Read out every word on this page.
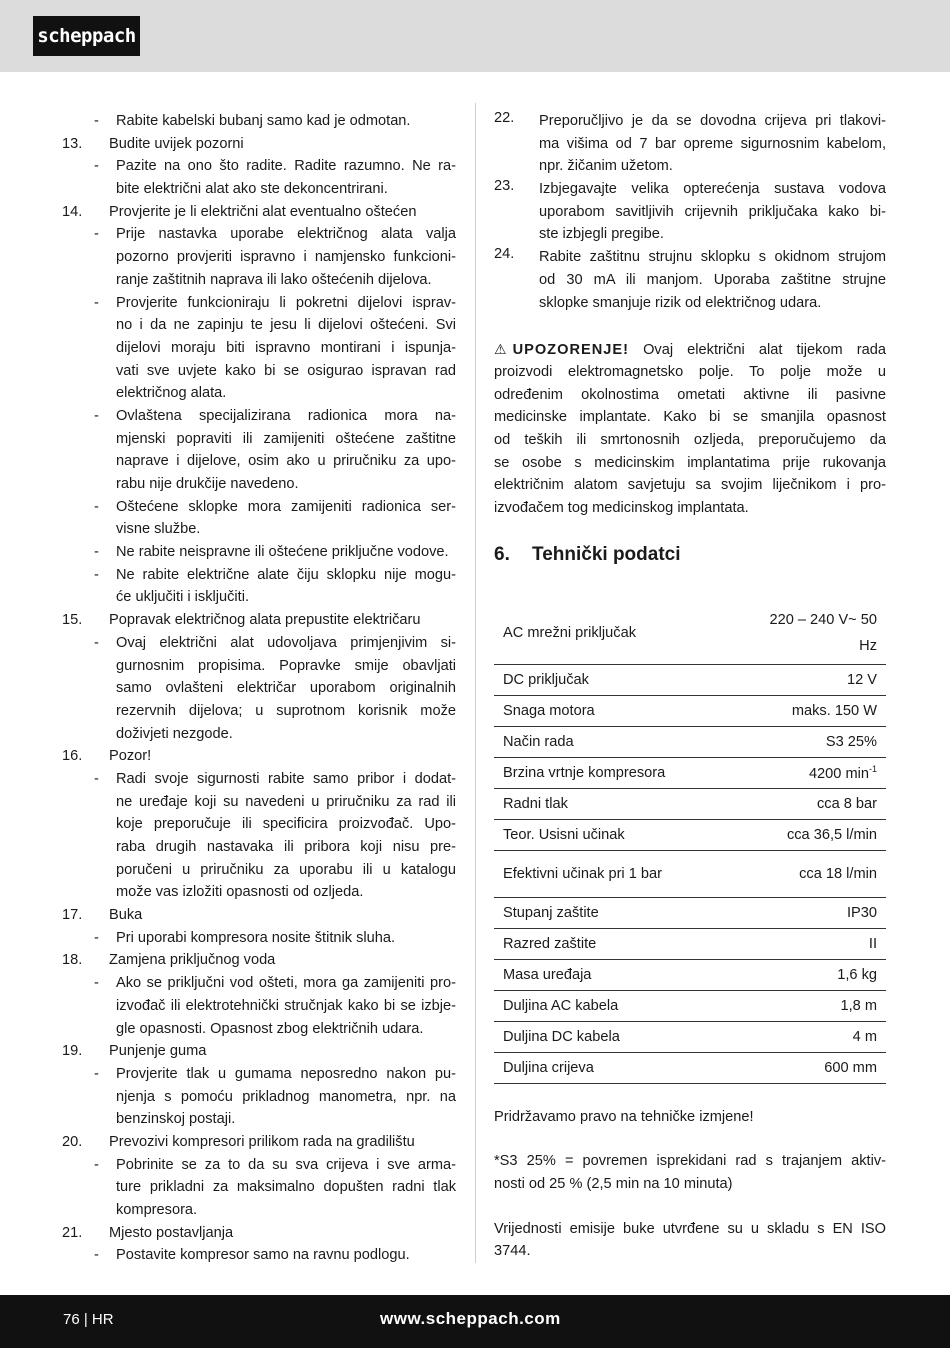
scheppach
-	Rabite kabelski bubanj samo kad je odmotan.
13.	Budite uvijek pozorni
-	Pazite na ono što radite. Radite razumno. Ne ra-
bite električni alat ako ste dekoncentrirani.
14.	Provjerite je li električni alat eventualno oštećen
-	Prije nastavka uporabe električnog alata valja
pozorno provjeriti ispravno i namjensko funkcioni-
ranje zaštitnih naprava ili lako oštećenih dijelova.
-	Provjerite funkcioniraju li pokretni dijelovi isprav-
no i da ne zapinju te jesu li dijelovi oštećeni. Svi
dijelovi moraju biti ispravno montirani i ispunja-
vati sve uvjete kako bi se osigurao ispravan rad
električnog alata.
-	Ovlaštena specijalizirana radionica mora na-
mjenski popraviti ili zamijeniti oštećene zaštitne
naprave i dijelove, osim ako u priručniku za upo-
rabu nije drukčije navedeno.
-	Oštećene sklopke mora zamijeniti radionica ser-
visne službe.
-	Ne rabite neispravne ili oštećene priključne vodove.
-	Ne rabite električne alate čiju sklopku nije mogu-
će uključiti i isključiti.
15.	Popravak električnog alata prepustite električaru
-	Ovaj električni alat udovoljava primjenjivim si-
gurnosnim propisima. Popravke smije obavljati
samo ovlašteni električar uporabom originalnih
rezervnih dijelova; u suprotnom korisnik može
doživjeti nezgode.
16.	Pozor!
-	Radi svoje sigurnosti rabite samo pribor i dodat-
ne uređaje koji su navedeni u priručniku za rad ili
koje preporučuje ili specificira proizvođač. Upo-
raba drugih nastavaka ili pribora koji nisu pre-
poručeni u priručniku za uporabu ili u katalogu
može vas izložiti opasnosti od ozljeda.
17.	Buka
-	Pri uporabi kompresora nosite štitnik sluha.
18.	Zamjena priključnog voda
-	Ako se priključni vod ošteti, mora ga zamijeniti pro-
izvođač ili elektrotehnički stručnjak kako bi se izbje-
gle opasnosti. Opasnost zbog električnih udara.
19.	Punjenje guma
-	Provjerite tlak u gumama neposredno nakon pu-
njenja s pomoću prikladnog manometra, npr. na
benzinskoj postaji.
20.	Prevozivi kompresori prilikom rada na gradilištu
-	Pobrinite se za to da su sva crijeva i sve arma-
ture prikladni za maksimalno dopušten radni tlak
kompresora.
21.	Mjesto postavljanja
-	Postavite kompresor samo na ravnu podlogu.
22.	Preporučljivo je da se dovodna crijeva pri tlakovi-
ma višima od 7 bar opreme sigurnosnim kabelom,
npr. žičanim užetom.
23.	Izbjegavajte velika opterećenja sustava vodova
uporabom savitljivih crijevnih priključaka kako bi-
ste izbjegli pregibe.
24.	Rabite zaštitnu strujnu sklopku s okidnom strujom
od 30 mA ili manjom. Uporaba zaštitne strujne
sklopke smanjuje rizik od električnog udara.
⚠ UPOZORENJE! Ovaj električni alat tijekom rada
proizvodi elektromagnetsko polje. To polje može u
određenim okolnostima ometati aktivne ili pasivne
medicinske implantate. Kako bi se smanjila opasnost
od teških ili smrtonosnih ozljeda, preporučujemo da
se osobe s medicinskim implantatima prije rukovanja
električnim alatom savjetuju sa svojim liječnikom i pro-
izvođačem tog medicinskog implantata.
6. Tehnički podatci
AC mrežni priključak	220 – 240 V~ 50
Hz

DC priključak	12 V
Snaga motora	maks. 150 W
Način rada	S3 25%
Brzina vrtnje kompresora	4200 $\min^{-1}$
Radni tlak	cca 8 bar
Teor. Usisni učinak	cca 36,5 l/min
Efektivni učinak pri 1 bar	cca 18 l/min
Stupanj zaštite	IP30
Razred zaštite	II
Masa uređaja	1,6 kg
Duljina AC kabela	1,8 m
Duljina DC kabela	4 m
Duljina crijeva	600 mm
Pridržavamo pravo na tehničke izmjene!
*S3 25% = povremen isprekidani rad s trajanjem aktiv-
nosti od 25 % (2,5 min na 10 minuta)
Vrijednosti emisije buke utvrđene su u skladu s EN ISO
3744.
76 | HR	www.scheppach.com
